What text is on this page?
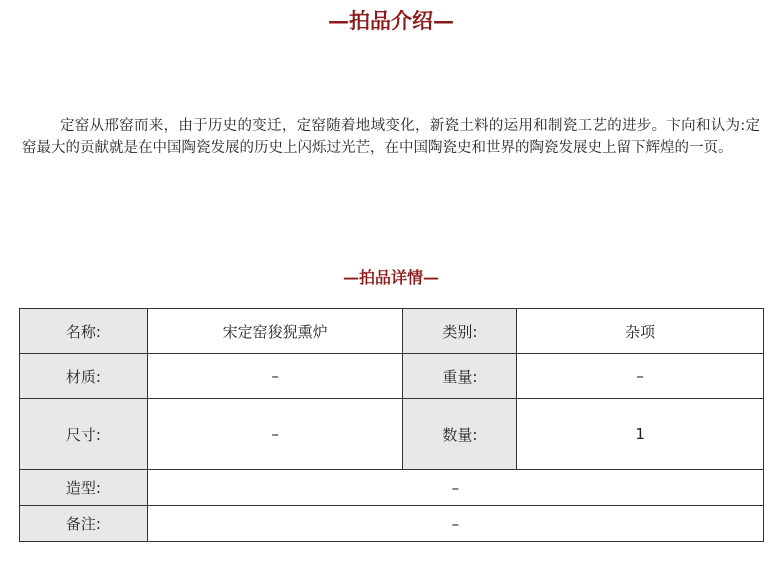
—拍品介绍—

定窑从邢窑而来，由于历史的变迁，定窑随着地域变化，新瓷土料的运用和制瓷工艺的进步。卞向和认为:定窑最大的贡献就是在中国陶瓷发展的历史上闪烁过光芒，在中国陶瓷史和世界的陶瓷发展史上留下辉煌的一页。

—拍品详情—
名称:	宋定窑狻猊熏炉	类别:	杂项
材质:	–	重量:	–
尺寸:	–	数量:	1
造型:	–		
备注:	–		
